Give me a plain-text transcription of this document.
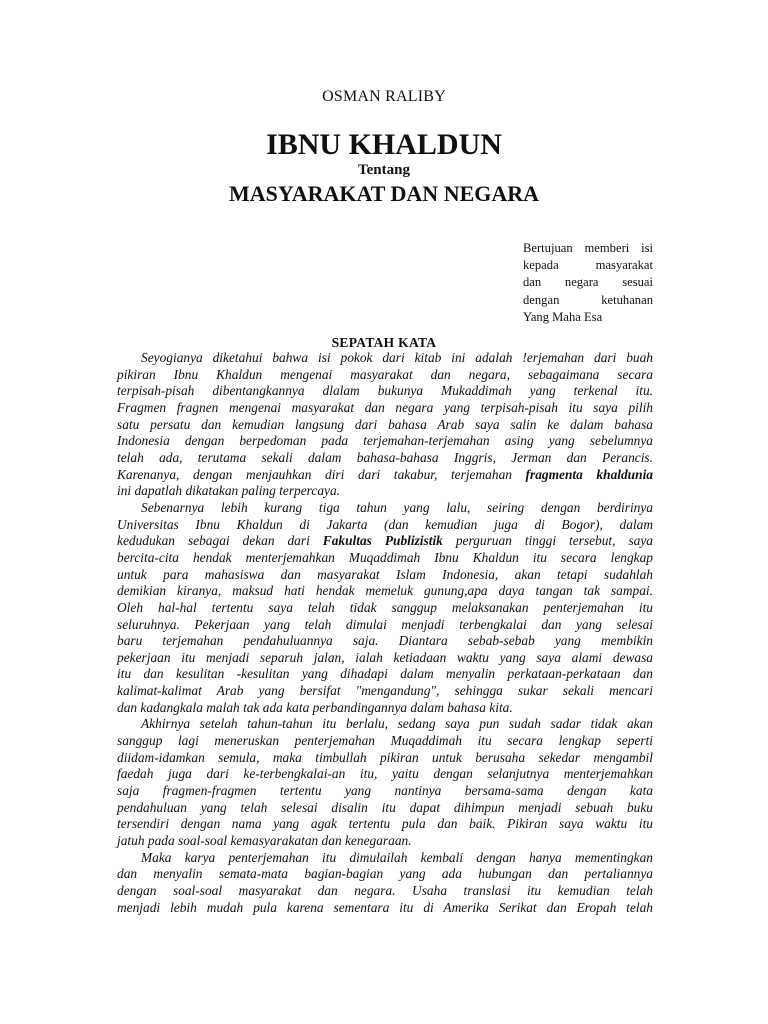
OSMAN RALIBY
IBNU KHALDUN
Tentang
MASYARAKAT DAN NEGARA
Bertujuan memberi isi
kepada masyarakat
dan negara sesuai
dengan ketuhanan
Yang Maha Esa
SEPATAH KATA
Seyogianya diketahui bahwa isi pokok dari kitab ini adalah !erjemahan dari buah
pikiran Ibnu Khaldun mengenai masyarakat dan negara, sebagaimana secara
terpisah-pisah dibentangkannya dlalam bukunya Mukaddimah yang terkenal itu.
Fragmen fragnen mengenai masyarakat dan negara yang terpisah-pisah itu saya pilih
satu persatu dan kemudian langsung dari bahasa Arab saya salin ke dalam bahasa
Indonesia dengan berpedoman pada terjemahan-terjemahan asing yang sebelumnya
telah ada, terutama sekali dalam bahasa-bahasa Inggris, Jerman dan Perancis.
Karenanya, dengan menjauhkan diri dari takabur, terjemahan fragmenta khaldunia
ini dapatlah dikatakan paling terpercaya.
Sebenarnya lebih kurang tiga tahun yang lalu, seiring dengan berdirinya
Universitas Ibnu Khaldun di Jakarta (dan kemudian juga di Bogor), dalam
kedudukan sebagai dekan dari Fakultas Publizistik perguruan tinggi tersebut, saya
bercita-cita hendak menterjemahkan Muqaddimah Ibnu Khaldun itu secara lengkap
untuk para mahasiswa dan masyarakat Islam Indonesia, akan tetapi sudahlah
demikian kiranya, maksud hati hendak memeluk gunung,apa daya tangan tak sampai.
Oleh hal-hal tertentu saya telah tidak sanggup melaksanakan penterjemahan itu
seluruhnya. Pekerjaan yang telah dimulai menjadi terbengkalai dan yang selesai
baru terjemahan pendahuluannya saja. Diantara sebab-sebab yang membikin
pekerjaan itu menjadi separuh jalan, ialah ketiadaan waktu yang saya alami dewasa
itu dan kesulitan -kesulitan yang dihadapi dalam menyalin perkataan-perkataan dan
kalimat-kalimat Arab yang bersifat "mengandung", sehingga sukar sekali mencari
dan kadangkala malah tak ada kata perbandingannya dalam bahasa kita.
Akhirnya setelah tahun-tahun itu berlalu, sedang saya pun sudah sadar tidak akan
sanggup lagi meneruskan penterjemahan Muqaddimah itu secara lengkap seperti
diidam-idamkan semula, maka timbullah pikiran untuk berusaha sekedar mengambil
faedah juga dari ke-terbengkalai-an itu, yaitu dengan selanjutnya menterjemahkan
saja fragmen-fragmen tertentu yang nantinya bersama-sama dengan kata
pendahuluan yang telah selesai disalin itu dapat dihimpun menjadi sebuah buku
tersendiri dengan nama yang agak tertentu pula dan baik. Pikiran saya waktu itu
jatuh pada soal-soal kemasyarakatan dan kenegaraan.
Maka karya penterjemahan itu dimulailah kembali dengan hanya mementingkan
dan menyalin semata-mata bagian-bagian yang ada hubungan dan pertaliannya
dengan soal-soal masyarakat dan negara. Usaha translasi itu kemudian telah
menjadi lebih mudah pula karena sementara itu di Amerika Serikat dan Eropah telah
